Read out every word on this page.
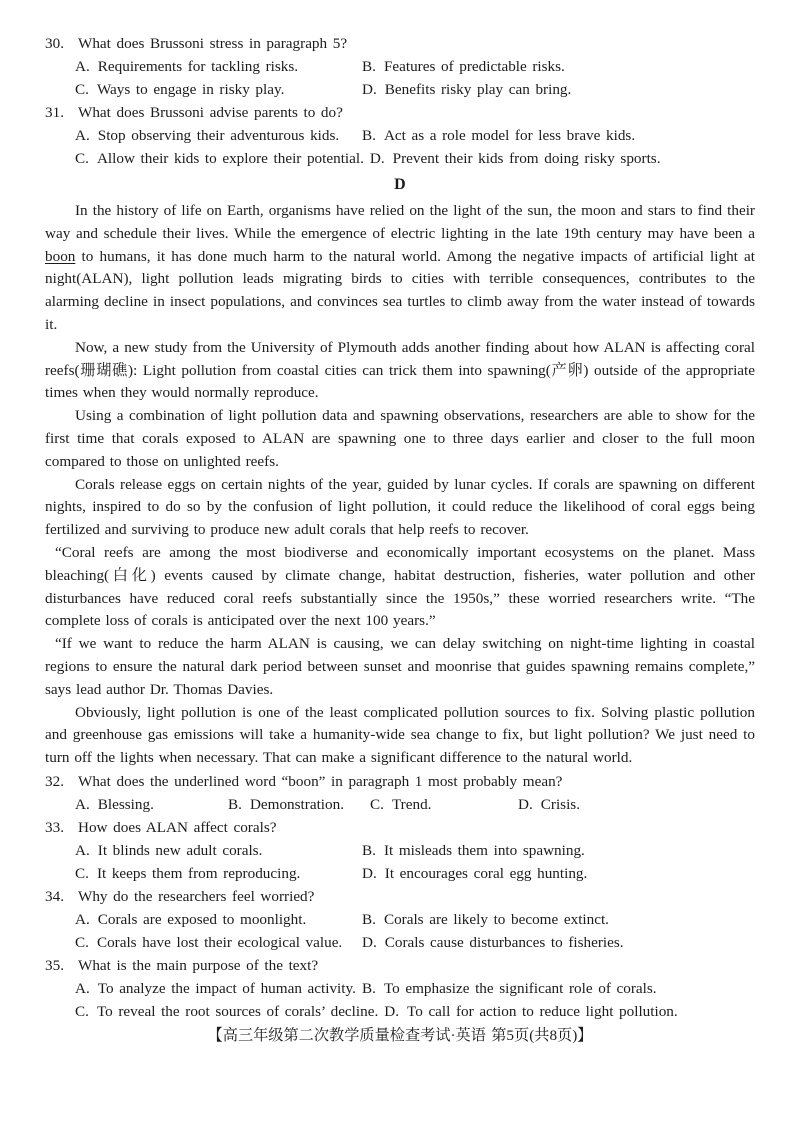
30. What does Brussoni stress in paragraph 5?
A. Requirements for tackling risks.	B. Features of predictable risks.
C. Ways to engage in risky play.	D. Benefits risky play can bring.
31. What does Brussoni advise parents to do?
A. Stop observing their adventurous kids.	B. Act as a role model for less brave kids.
C. Allow their kids to explore their potential. D. Prevent their kids from doing risky sports.
D

In the history of life on Earth, organisms have relied on the light of the sun, the moon and stars to find their way and schedule their lives. While the emergence of electric lighting in the late 19th century may have been a boon to humans, it has done much harm to the natural world. Among the negative impacts of artificial light at night(ALAN), light pollution leads migrating birds to cities with terrible consequences, contributes to the alarming decline in insect populations, and convinces sea turtles to climb away from the water instead of towards it.

Now, a new study from the University of Plymouth adds another finding about how ALAN is affecting coral reefs(珊瑚礁): Light pollution from coastal cities can trick them into spawning(产卵) outside of the appropriate times when they would normally reproduce.

Using a combination of light pollution data and spawning observations, researchers are able to show for the first time that corals exposed to ALAN are spawning one to three days earlier and closer to the full moon compared to those on unlighted reefs.

Corals release eggs on certain nights of the year, guided by lunar cycles. If corals are spawning on different nights, inspired to do so by the confusion of light pollution, it could reduce the likelihood of coral eggs being fertilized and surviving to produce new adult corals that help reefs to recover.

“Coral reefs are among the most biodiverse and economically important ecosystems on the planet. Mass bleaching(白化) events caused by climate change, habitat destruction, fisheries, water pollution and other disturbances have reduced coral reefs substantially since the 1950s,” these worried researchers write. “The complete loss of corals is anticipated over the next 100 years.”

“If we want to reduce the harm ALAN is causing, we can delay switching on night-time lighting in coastal regions to ensure the natural dark period between sunset and moonrise that guides spawning remains complete,” says lead author Dr. Thomas Davies.

Obviously, light pollution is one of the least complicated pollution sources to fix. Solving plastic pollution and greenhouse gas emissions will take a humanity-wide sea change to fix, but light pollution? We just need to turn off the lights when necessary. That can make a significant difference to the natural world.

32. What does the underlined word “boon” in paragraph 1 most probably mean?
A. Blessing.	B. Demonstration.	C. Trend.	D. Crisis.
33. How does ALAN affect corals?
A. It blinds new adult corals.	B. It misleads them into spawning.
C. It keeps them from reproducing.	D. It encourages coral egg hunting.
34. Why do the researchers feel worried?
A. Corals are exposed to moonlight.	B. Corals are likely to become extinct.
C. Corals have lost their ecological value.	D. Corals cause disturbances to fisheries.
35. What is the main purpose of the text?
A. To analyze the impact of human activity. B. To emphasize the significant role of corals.
C. To reveal the root sources of corals’ decline. D. To call for action to reduce light pollution.
【高三年级第二次教学质量检查考试·英语 第5页(共8页)】
